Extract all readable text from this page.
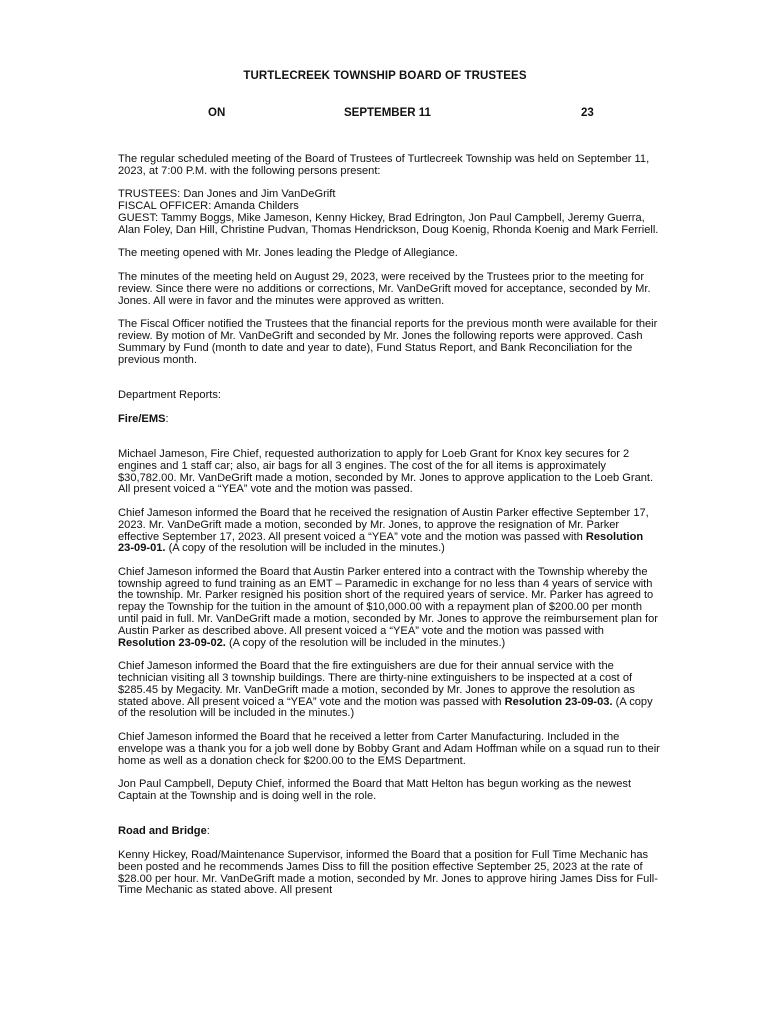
TURTLECREEK TOWNSHIP BOARD OF TRUSTEES
ON	SEPTEMBER 11	23

The regular scheduled meeting of the Board of Trustees of Turtlecreek Township was held on September 11, 2023, at 7:00 P.M. with the following persons present:

TRUSTEES: Dan Jones and Jim VanDeGrift
FISCAL OFFICER: Amanda Childers
GUEST: Tammy Boggs, Mike Jameson, Kenny Hickey, Brad Edrington, Jon Paul Campbell, Jeremy Guerra, Alan Foley, Dan Hill, Christine Pudvan, Thomas Hendrickson, Doug Koenig, Rhonda Koenig and Mark Ferriell.

The meeting opened with Mr. Jones leading the Pledge of Allegiance.

The minutes of the meeting held on August 29, 2023, were received by the Trustees prior to the meeting for review. Since there were no additions or corrections, Mr. VanDeGrift moved for acceptance, seconded by Mr. Jones. All were in favor and the minutes were approved as written.

The Fiscal Officer notified the Trustees that the financial reports for the previous month were available for their review. By motion of Mr. VanDeGrift and seconded by Mr. Jones the following reports were approved. Cash Summary by Fund (month to date and year to date), Fund Status Report, and Bank Reconciliation for the previous month.

Department Reports:

Fire/EMS:

Michael Jameson, Fire Chief, requested authorization to apply for Loeb Grant for Knox key secures for 2 engines and 1 staff car; also, air bags for all 3 engines. The cost of the for all items is approximately $30,782.00. Mr. VanDeGrift made a motion, seconded by Mr. Jones to approve application to the Loeb Grant. All present voiced a “YEA” vote and the motion was passed.

Chief Jameson informed the Board that he received the resignation of Austin Parker effective September 17, 2023. Mr. VanDeGrift made a motion, seconded by Mr. Jones, to approve the resignation of Mr. Parker effective September 17, 2023. All present voiced a “YEA” vote and the motion was passed with Resolution 23-09-01. (A copy of the resolution will be included in the minutes.)

Chief Jameson informed the Board that Austin Parker entered into a contract with the Township whereby the township agreed to fund training as an EMT – Paramedic in exchange for no less than 4 years of service with the township. Mr. Parker resigned his position short of the required years of service. Mr. Parker has agreed to repay the Township for the tuition in the amount of $10,000.00 with a repayment plan of $200.00 per month until paid in full. Mr. VanDeGrift made a motion, seconded by Mr. Jones to approve the reimbursement plan for Austin Parker as described above. All present voiced a “YEA” vote and the motion was passed with Resolution 23-09-02. (A copy of the resolution will be included in the minutes.)

Chief Jameson informed the Board that the fire extinguishers are due for their annual service with the technician visiting all 3 township buildings. There are thirty-nine extinguishers to be inspected at a cost of $285.45 by Megacity. Mr. VanDeGrift made a motion, seconded by Mr. Jones to approve the resolution as stated above. All present voiced a “YEA” vote and the motion was passed with Resolution 23-09-03. (A copy of the resolution will be included in the minutes.)

Chief Jameson informed the Board that he received a letter from Carter Manufacturing. Included in the envelope was a thank you for a job well done by Bobby Grant and Adam Hoffman while on a squad run to their home as well as a donation check for $200.00 to the EMS Department.

Jon Paul Campbell, Deputy Chief, informed the Board that Matt Helton has begun working as the newest Captain at the Township and is doing well in the role.

Road and Bridge:

Kenny Hickey, Road/Maintenance Supervisor, informed the Board that a position for Full Time Mechanic has been posted and he recommends James Diss to fill the position effective September 25, 2023 at the rate of $28.00 per hour. Mr. VanDeGrift made a motion, seconded by Mr. Jones to approve hiring James Diss for Full-Time Mechanic as stated above. All present
